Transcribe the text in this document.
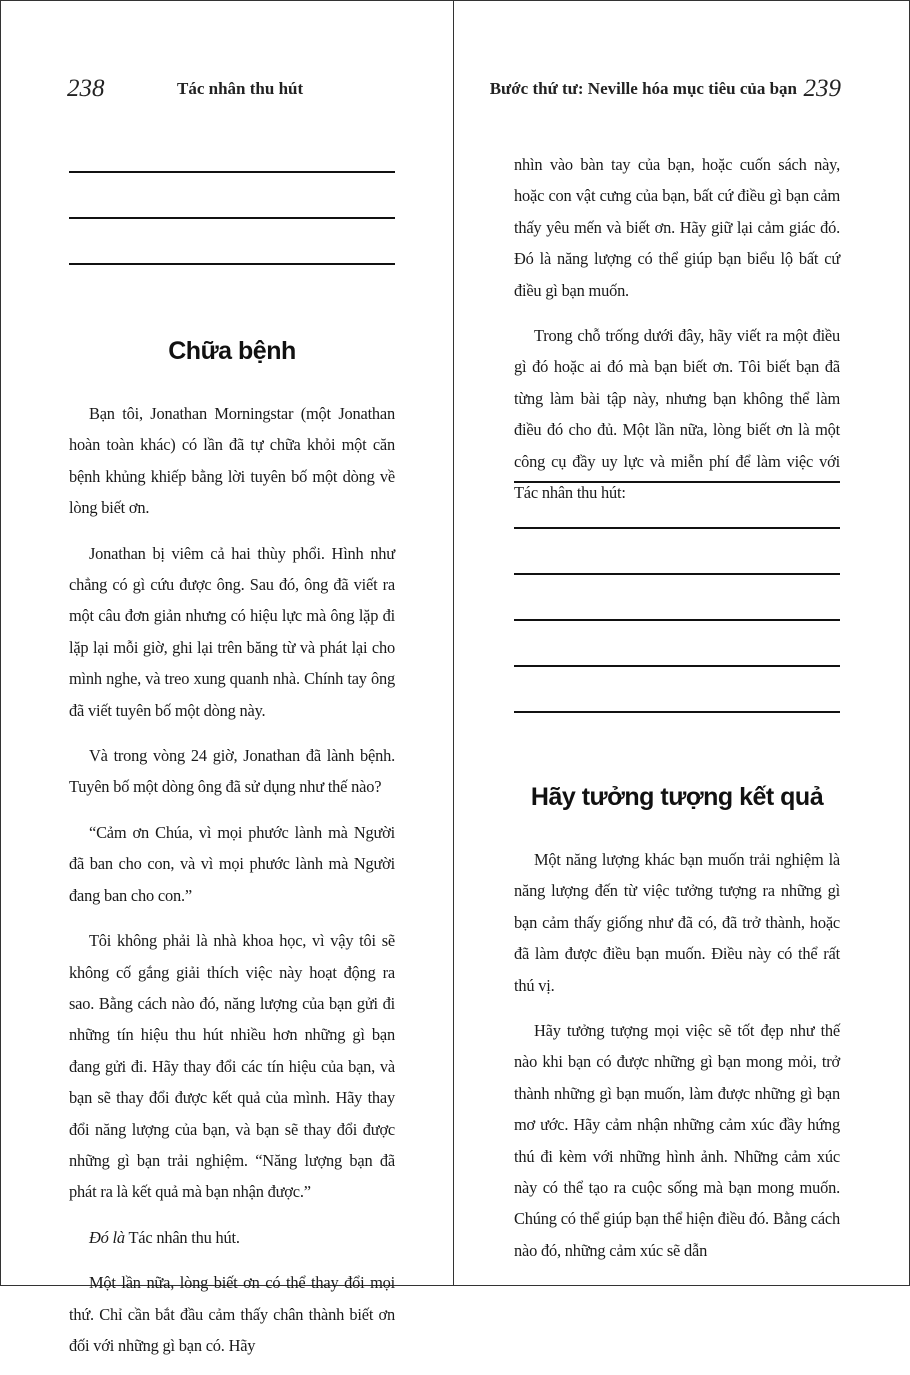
238	Tác nhân thu hút
Chữa bệnh

Bạn tôi, Jonathan Morningstar (một Jonathan hoàn toàn khác) có lần đã tự chữa khỏi một căn bệnh khủng khiếp bằng lời tuyên bố một dòng về lòng biết ơn.

Jonathan bị viêm cả hai thùy phổi. Hình như chẳng có gì cứu được ông. Sau đó, ông đã viết ra một câu đơn giản nhưng có hiệu lực mà ông lặp đi lặp lại mỗi giờ, ghi lại trên băng từ và phát lại cho mình nghe, và treo xung quanh nhà. Chính tay ông đã viết tuyên bố một dòng này.

Và trong vòng 24 giờ, Jonathan đã lành bệnh. Tuyên bố một dòng ông đã sử dụng như thế nào?

“Cảm ơn Chúa, vì mọi phước lành mà Người đã ban cho con, và vì mọi phước lành mà Người đang ban cho con.”

Tôi không phải là nhà khoa học, vì vậy tôi sẽ không cố gắng giải thích việc này hoạt động ra sao. Bằng cách nào đó, năng lượng của bạn gửi đi những tín hiệu thu hút nhiều hơn những gì bạn đang gửi đi. Hãy thay đổi các tín hiệu của bạn, và bạn sẽ thay đổi được kết quả của mình. Hãy thay đổi năng lượng của bạn, và bạn sẽ thay đổi được những gì bạn trải nghiệm. “Năng lượng bạn đã phát ra là kết quả mà bạn nhận được.”

Đó là Tác nhân thu hút.

Một lần nữa, lòng biết ơn có thể thay đổi mọi thứ. Chỉ cần bắt đầu cảm thấy chân thành biết ơn đối với những gì bạn có. Hãy

Bước thứ tư: Neville hóa mục tiêu của bạn 239

nhìn vào bàn tay của bạn, hoặc cuốn sách này, hoặc con vật cưng của bạn, bất cứ điều gì bạn cảm thấy yêu mến và biết ơn. Hãy giữ lại cảm giác đó. Đó là năng lượng có thể giúp bạn biểu lộ bất cứ điều gì bạn muốn.

Trong chỗ trống dưới đây, hãy viết ra một điều gì đó hoặc ai đó mà bạn biết ơn. Tôi biết bạn đã từng làm bài tập này, nhưng bạn không thể làm điều đó cho đủ. Một lần nữa, lòng biết ơn là một công cụ đầy uy lực và miễn phí để làm việc với Tác nhân thu hút:

Hãy tưởng tượng kết quả

Một năng lượng khác bạn muốn trải nghiệm là năng lượng đến từ việc tưởng tượng ra những gì bạn cảm thấy giống như đã có, đã trở thành, hoặc đã làm được điều bạn muốn. Điều này có thể rất thú vị.

Hãy tưởng tượng mọi việc sẽ tốt đẹp như thế nào khi bạn có được những gì bạn mong mỏi, trở thành những gì bạn muốn, làm được những gì bạn mơ ước. Hãy cảm nhận những cảm xúc đầy hứng thú đi kèm với những hình ảnh. Những cảm xúc này có thể tạo ra cuộc sống mà bạn mong muốn. Chúng có thể giúp bạn thể hiện điều đó. Bằng cách nào đó, những cảm xúc sẽ dẫn
